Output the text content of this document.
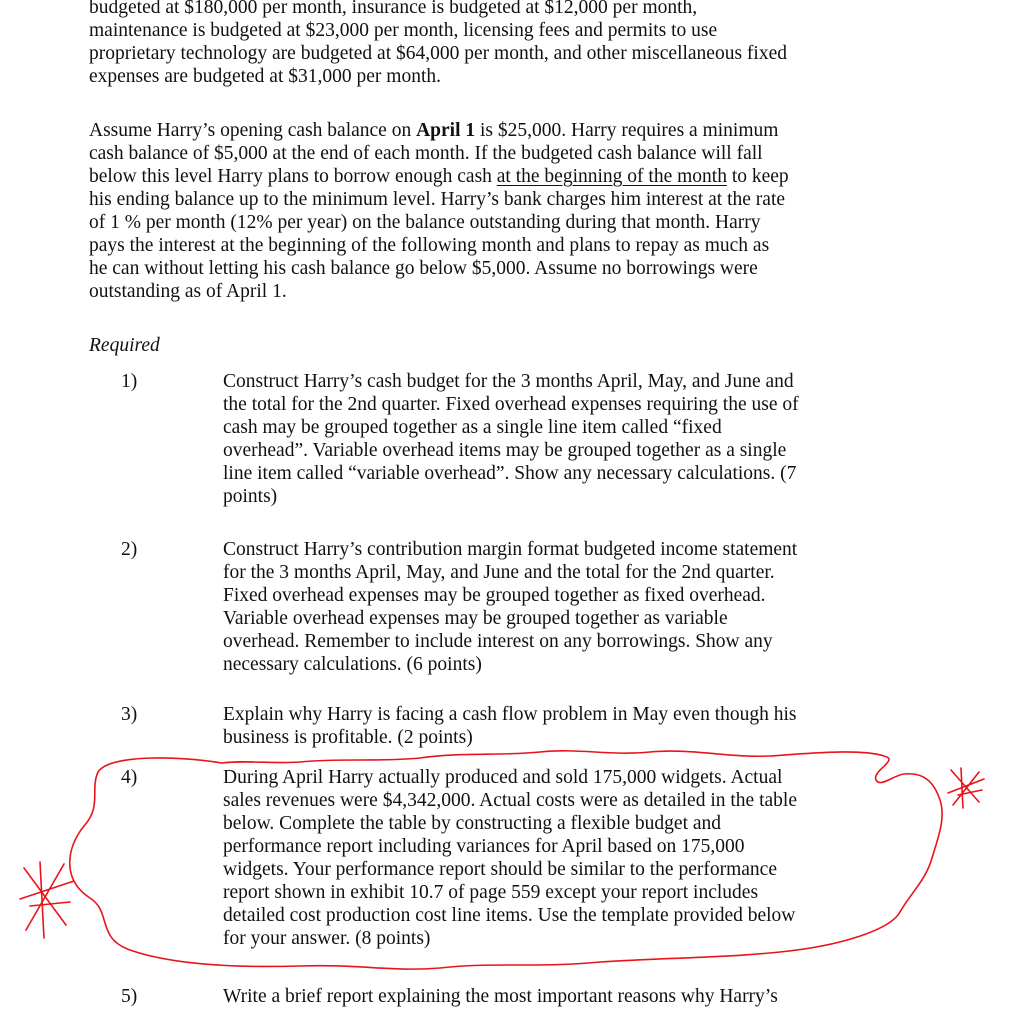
budgeted at $180,000 per month, insurance is budgeted at $12,000 per month,
maintenance is budgeted at $23,000 per month, licensing fees and permits to use
proprietary technology are budgeted at $64,000 per month, and other miscellaneous fixed
expenses are budgeted at $31,000 per month.
Assume Harry’s opening cash balance on April 1 is $25,000. Harry requires a minimum
cash balance of $5,000 at the end of each month. If the budgeted cash balance will fall
below this level Harry plans to borrow enough cash at the beginning of the month to keep
his ending balance up to the minimum level. Harry’s bank charges him interest at the rate
of 1 % per month (12% per year) on the balance outstanding during that month. Harry
pays the interest at the beginning of the following month and plans to repay as much as
he can without letting his cash balance go below $5,000. Assume no borrowings were
outstanding as of April 1.
Required
1)	Construct Harry’s cash budget for the 3 months April, May, and June and
the total for the 2nd quarter. Fixed overhead expenses requiring the use of
cash may be grouped together as a single line item called “fixed
overhead”. Variable overhead items may be grouped together as a single
line item called “variable overhead”. Show any necessary calculations. (7
points)
2)	Construct Harry’s contribution margin format budgeted income statement
for the 3 months April, May, and June and the total for the 2nd quarter.
Fixed overhead expenses may be grouped together as fixed overhead.
Variable overhead expenses may be grouped together as variable
overhead. Remember to include interest on any borrowings. Show any
necessary calculations. (6 points)
3)	Explain why Harry is facing a cash flow problem in May even though his
business is profitable. (2 points)
4)	During April Harry actually produced and sold 175,000 widgets. Actual
sales revenues were $4,342,000. Actual costs were as detailed in the table
below. Complete the table by constructing a flexible budget and
performance report including variances for April based on 175,000
widgets. Your performance report should be similar to the performance
report shown in exhibit 10.7 of page 559 except your report includes
detailed cost production cost line items. Use the template provided below
for your answer. (8 points)
5)	Write a brief report explaining the most important reasons why Harry’s
